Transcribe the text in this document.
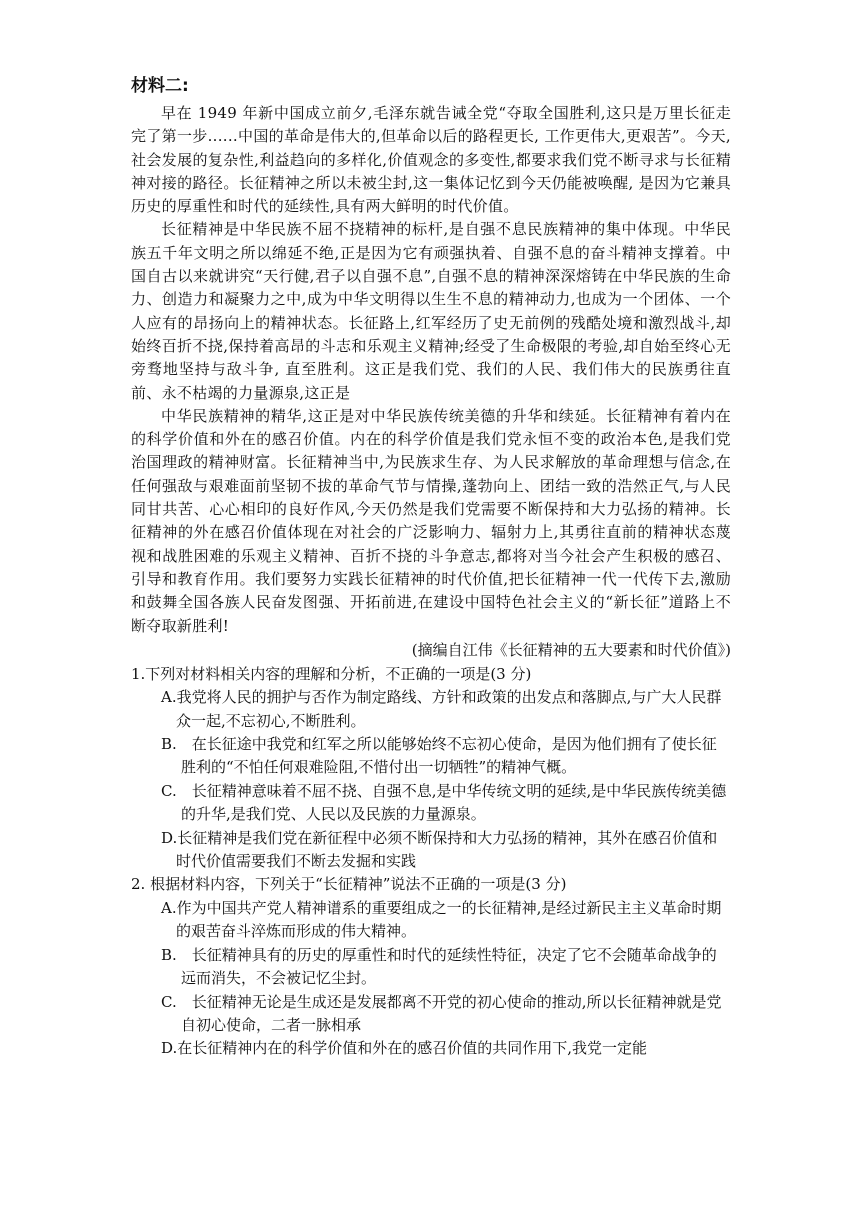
材料二:

早在 1949 年新中国成立前夕,毛泽东就告诫全党“夺取全国胜利,这只是万里长征走完了第一步......中国的革命是伟大的,但革命以后的路程更长, 工作更伟大,更艰苦”。今天,社会发展的复杂性,利益趋向的多样化,价值观念的多变性,都要求我们党不断寻求与长征精神对接的路径。长征精神之所以未被尘封,这一集体记忆到今天仍能被唤醒, 是因为它兼具历史的厚重性和时代的延续性,具有两大鲜明的时代价值。

长征精神是中华民族不屈不挠精神的标杆,是自强不息民族精神的集中体现。中华民族五千年文明之所以绵延不绝,正是因为它有顽强执着、自强不息的奋斗精神支撑着。中国自古以来就讲究“天行健,君子以自强不息”,自强不息的精神深深熔铸在中华民族的生命力、创造力和凝聚力之中,成为中华文明得以生生不息的精神动力,也成为一个团体、一个人应有的昂扬向上的精神状态。长征路上,红军经历了史无前例的残酷处境和激烈战斗,却始终百折不挠,保持着高昂的斗志和乐观主义精神;经受了生命极限的考验,却自始至终心无旁骛地坚持与敌斗争, 直至胜利。这正是我们党、我们的人民、我们伟大的民族勇往直前、永不枯竭的力量源泉,这正是

中华民族精神的精华,这正是对中华民族传统美德的升华和续延。长征精神有着内在的科学价值和外在的感召价值。内在的科学价值是我们党永恒不变的政治本色,是我们党治国理政的精神财富。长征精神当中,为民族求生存、为人民求解放的革命理想与信念,在任何强敌与艰难面前坚韧不拔的革命气节与情操,蓬勃向上、团结一致的浩然正气,与人民同甘共苦、心心相印的良好作风,今天仍然是我们党需要不断保持和大力弘扬的精神。长征精神的外在感召价值体现在对社会的广泛影响力、辐射力上,其勇往直前的精神状态蔑视和战胜困难的乐观主义精神、百折不挠的斗争意志,都将对当今社会产生积极的感召、引导和教育作用。我们要努力实践长征精神的时代价值,把长征精神一代一代传下去,激励和鼓舞全国各族人民奋发图强、开拓前进,在建设中国特色社会主义的“新长征”道路上不断夺取新胜利!

(摘编自江伟《长征精神的五大要素和时代价值》)
1.下列对材料相关内容的理解和分析，不正确的一项是(3 分)
A.我党将人民的拥护与否作为制定路线、方针和政策的出发点和落脚点,与广大人民群众一起,不忘初心,不断胜利。
B.　在长征途中我党和红军之所以能够始终不忘初心使命，是因为他们拥有了使长征胜利的“不怕任何艰难险阻,不惜付出一切牺牲”的精神气概。
C.　长征精神意味着不屈不挠、自强不息,是中华传统文明的延续,是中华民族传统美德的升华,是我们党、人民以及民族的力量源泉。
D.长征精神是我们党在新征程中必须不断保持和大力弘扬的精神，其外在感召价值和时代价值需要我们不断去发掘和实践
2. 根据材料内容，下列关于“长征精神”说法不正确的一项是(3 分)
A.作为中国共产党人精神谱系的重要组成之一的长征精神,是经过新民主主义革命时期的艰苦奋斗淬炼而形成的伟大精神。
B.　长征精神具有的历史的厚重性和时代的延续性特征，决定了它不会随革命战争的远而消失，不会被记忆尘封。
C.　长征精神无论是生成还是发展都离不开党的初心使命的推动,所以长征精神就是党自初心使命，二者一脉相承
D.在长征精神内在的科学价值和外在的感召价值的共同作用下,我党一定能
